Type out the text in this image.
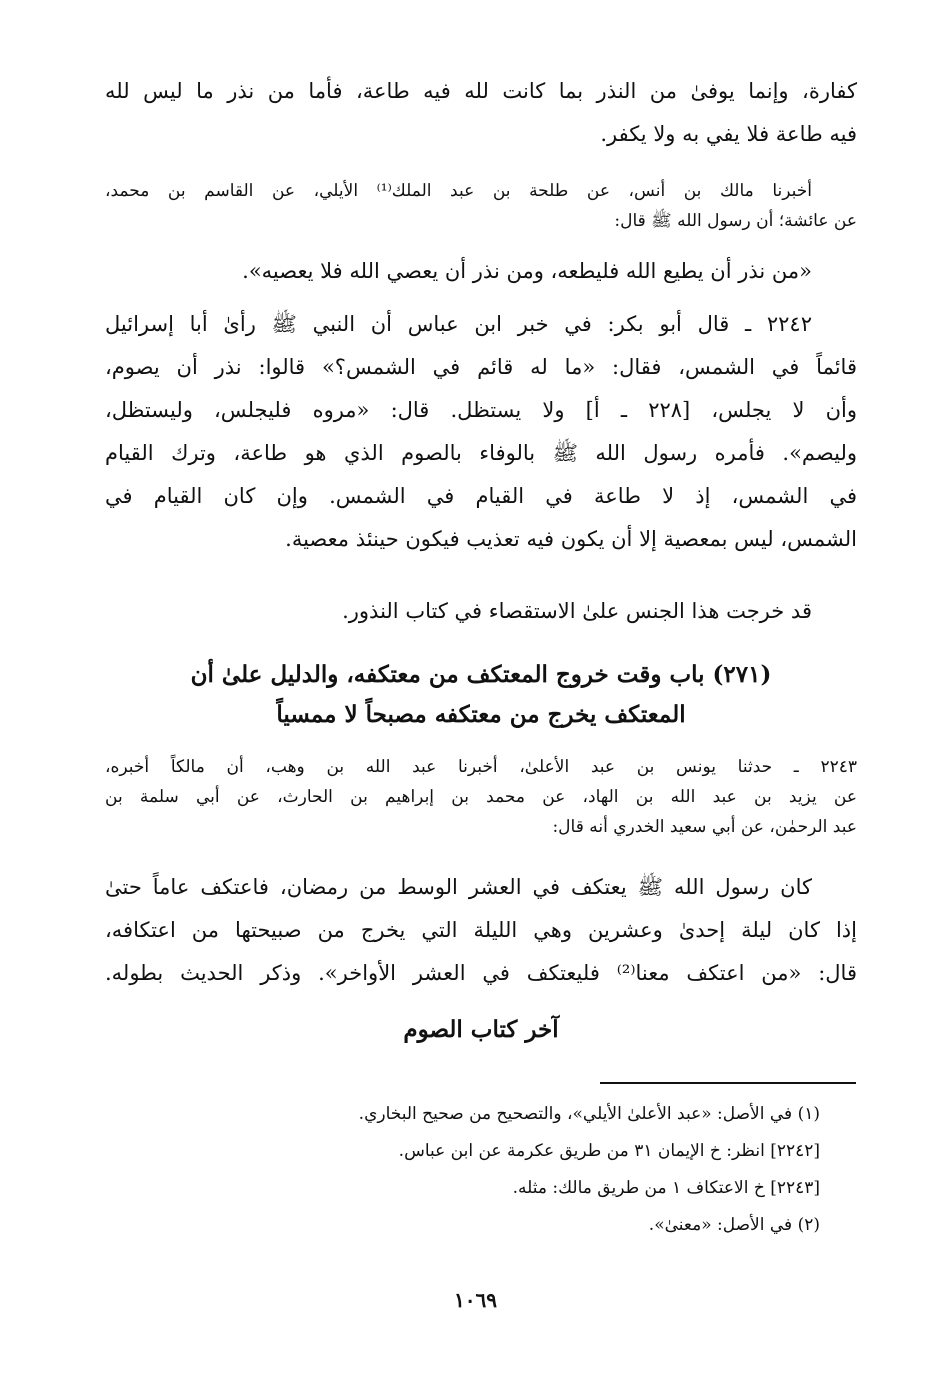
كفارة، وإنما يوفىٰ من النذر بما كانت لله فيه طاعة، فأما من نذر ما ليس لله
فيه طاعة فلا يفي به ولا يكفر.
أخبرنا مالك بن أنس، عن طلحة بن عبد الملك⁽¹⁾ الأيلي، عن القاسم بن محمد،
عن عائشة؛ أن رسول الله ﷺ قال:
«من نذر أن يطيع الله فليطعه، ومن نذر أن يعصي الله فلا يعصيه».
٢٢٤٢ ـ قال أبو بكر: في خبر ابن عباس أن النبي ﷺ رأىٰ أبا إسرائيل
قائماً في الشمس، فقال: «ما له قائم في الشمس؟» قالوا: نذر أن يصوم،
وأن لا يجلس، [٢٢٨ ـ أ] ولا يستظل. قال: «مروه فليجلس، وليستظل،
وليصم». فأمره رسول الله ﷺ بالوفاء بالصوم الذي هو طاعة، وترك القيام
في الشمس، إذ لا طاعة في القيام في الشمس. وإن كان القيام في
الشمس، ليس بمعصية إلا أن يكون فيه تعذيب فيكون حينئذ معصية.
قد خرجت هذا الجنس علىٰ الاستقصاء في كتاب النذور.
(٢٧١) باب وقت خروج المعتكف من معتكفه، والدليل علىٰ أن
المعتكف يخرج من معتكفه مصبحاً لا ممسياً
٢٢٤٣ ـ حدثنا يونس بن عبد الأعلىٰ، أخبرنا عبد الله بن وهب، أن مالكاً أخبره،
عن يزيد بن عبد الله بن الهاد، عن محمد بن إبراهيم بن الحارث، عن أبي سلمة بن
عبد الرحمٰن، عن أبي سعيد الخدري أنه قال:
كان رسول الله ﷺ يعتكف في العشر الوسط من رمضان، فاعتكف عاماً حتىٰ
إذا كان ليلة إحدىٰ وعشرين وهي الليلة التي يخرج من صبيحتها من اعتكافه،
قال: «من اعتكف معنا⁽²⁾ فليعتكف في العشر الأواخر». وذكر الحديث بطوله.
آخر كتاب الصوم
(١) في الأصل: «عبد الأعلىٰ الأيلي»، والتصحيح من صحيح البخاري.
[٢٢٤٢] انظر: خ الإيمان ٣١ من طريق عكرمة عن ابن عباس.
[٢٢٤٣] خ الاعتكاف ١ من طريق مالك: مثله.
(٢) في الأصل: «معنىٰ».
١٠٦٩
